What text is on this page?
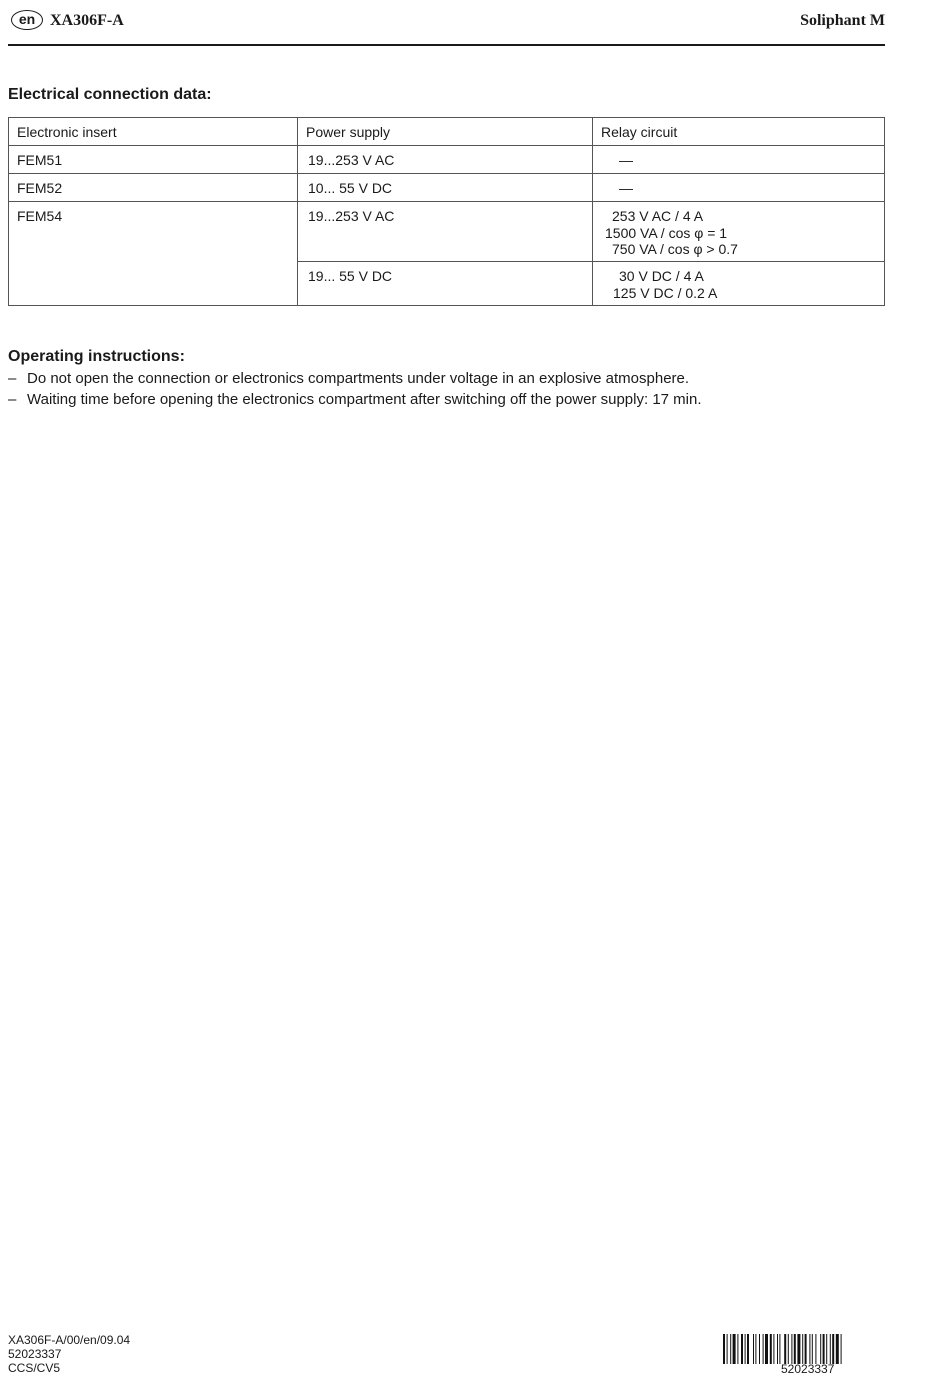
en XA306F-A	Soliphant M
Electrical connection data:
Electronic insert	Power supply	Relay circuit

FEM51	19...253 V AC	—

FEM52	10... 55 V DC	—

FEM54	19...253 V AC	253 V AC / 4 A
1500 VA / cos φ = 1
750 VA / cos φ > 0.7

	19... 55 V DC	30 V DC / 4 A
125 V DC / 0.2 A
Operating instructions:
– Do not open the connection or electronics compartments under voltage in an explosive atmosphere.
– Waiting time before opening the electronics compartment after switching off the power supply: 17 min.
XA306F-A/00/en/09.04
52023337
CCS/CV5	52023337
